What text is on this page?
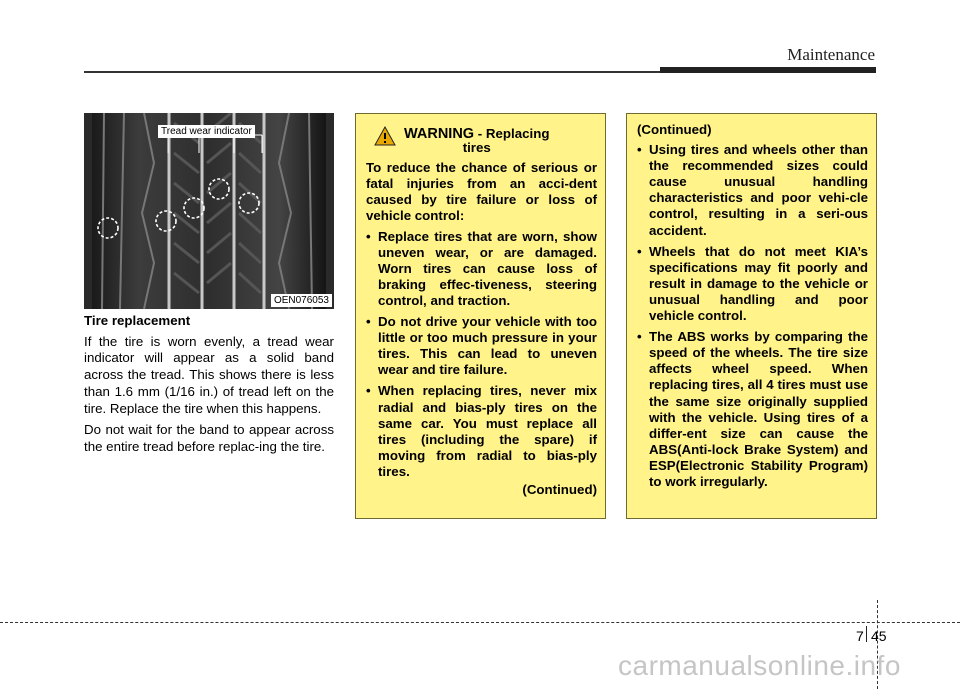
Maintenance
Tread wear indicator
OEN076053
Tire replacement

If the tire is worn evenly, a tread wear indicator will appear as a solid band across the tread. This shows there is less than 1.6 mm (1/16 in.) of tread left on the tire. Replace the tire when this happens.

Do not wait for the band to appear across the entire tread before replac-ing the tire.

WARNING - Replacing
tires

To reduce the chance of serious or fatal injuries from an acci-dent caused by tire failure or loss of vehicle control:

• Replace tires that are worn, show uneven wear, or are damaged. Worn tires can cause loss of braking effec-tiveness, steering control, and traction.
• Do not drive your vehicle with too little or too much pressure in your tires. This can lead to uneven wear and tire failure.
• When replacing tires, never mix radial and bias-ply tires on the same car. You must replace all tires (including the spare) if moving from radial to bias-ply tires.
(Continued)
(Continued)
• Using tires and wheels other than the recommended sizes could cause unusual handling characteristics and poor vehi-cle control, resulting in a seri-ous accident.
• Wheels that do not meet KIA’s specifications may fit poorly and result in damage to the vehicle or unusual handling and poor vehicle control.
• The ABS works by comparing the speed of the wheels. The tire size affects wheel speed. When replacing tires, all 4 tires must use the same size originally supplied with the vehicle. Using tires of a differ-ent size can cause the ABS(Anti-lock Brake System) and ESP(Electronic Stability Program) to work irregularly.
7 45
carmanualsonline.info
